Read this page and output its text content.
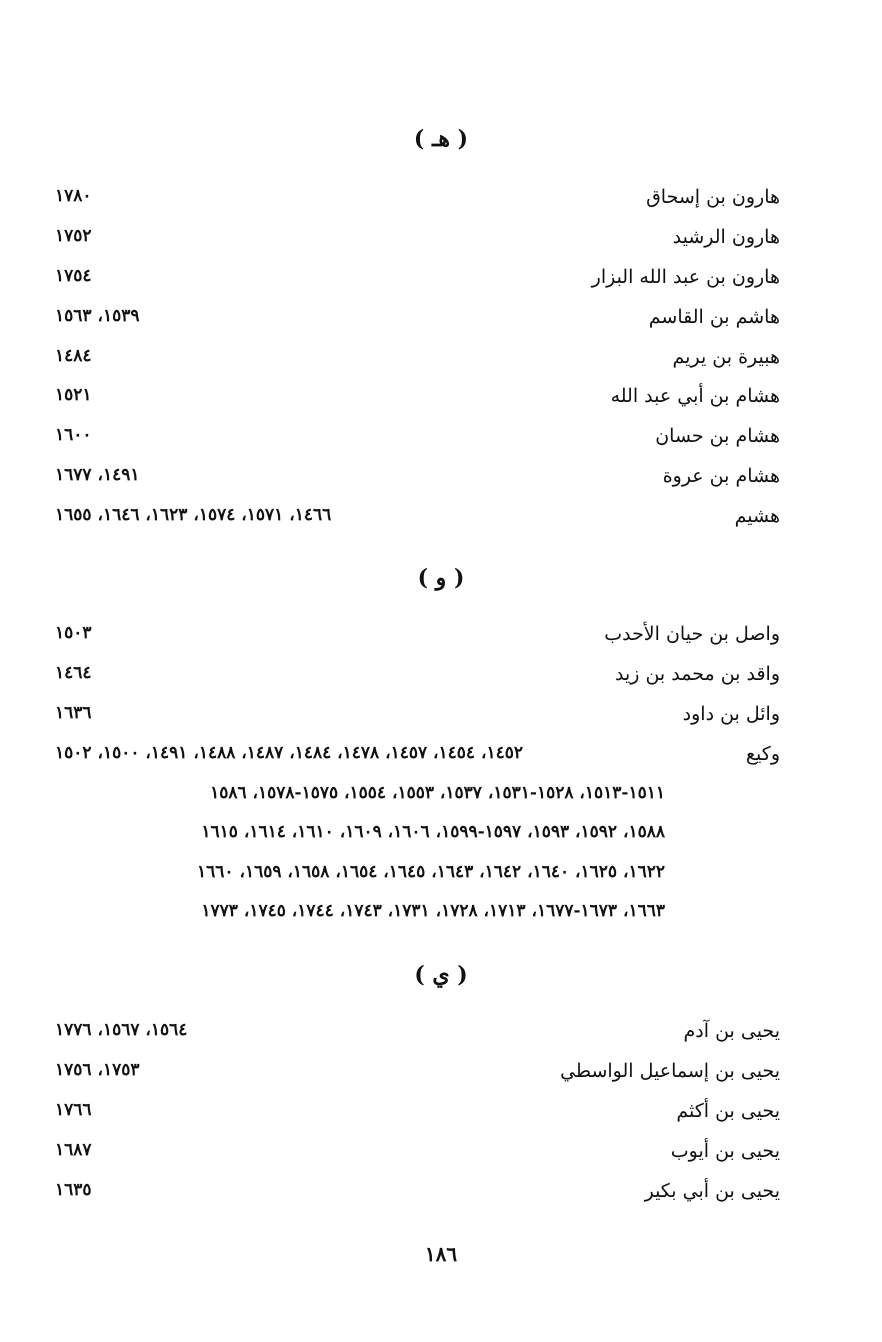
( هـ )
هارون بن إسحاق
١٧٨٠
هارون الرشيد
١٧٥٢
هارون بن عبد الله البزار
١٧٥٤
هاشم بن القاسم
١٥٣٩، ١٥٦٣
هبيرة بن يريم
١٤٨٤
هشام بن أبي عبد الله
١٥٢١
هشام بن حسان
١٦٠٠
هشام بن عروة
١٤٩١، ١٦٧٧
هشيم
١٤٦٦، ١٥٧١، ١٥٧٤، ١٦٢٣، ١٦٤٦، ١٦٥٥
( و )
واصل بن حيان الأحدب
١٥٠٣
واقد بن محمد بن زيد
١٤٦٤
وائل بن داود
١٦٣٦
وكيع
١٤٥٢، ١٤٥٤، ١٤٥٧، ١٤٧٨، ١٤٨٤، ١٤٨٧، ١٤٨٨، ١٤٩١، ١٥٠٠، ١٥٠٢
١٥١١-١٥١٣، ١٥٢٨-١٥٣١، ١٥٣٧، ١٥٥٣، ١٥٥٤، ١٥٧٥-١٥٧٨، ١٥٨٦
١٥٨٨، ١٥٩٢، ١٥٩٣، ١٥٩٧-١٥٩٩، ١٦٠٦، ١٦٠٩، ١٦١٠، ١٦١٤، ١٦١٥
١٦٢٢، ١٦٢٥، ١٦٤٠، ١٦٤٢، ١٦٤٣، ١٦٤٥، ١٦٥٤، ١٦٥٨، ١٦٥٩، ١٦٦٠
١٦٦٣، ١٦٧٣-١٦٧٧، ١٧١٣، ١٧٢٨، ١٧٣١، ١٧٤٣، ١٧٤٤، ١٧٤٥، ١٧٧٣
( ي )
يحيى بن آدم
١٥٦٤، ١٥٦٧، ١٧٧٦
يحيى بن إسماعيل الواسطي
١٧٥٣، ١٧٥٦
يحيى بن أكثم
١٧٦٦
يحيى بن أيوب
١٦٨٧
يحيى بن أبي بكير
١٦٣٥
١٨٦
